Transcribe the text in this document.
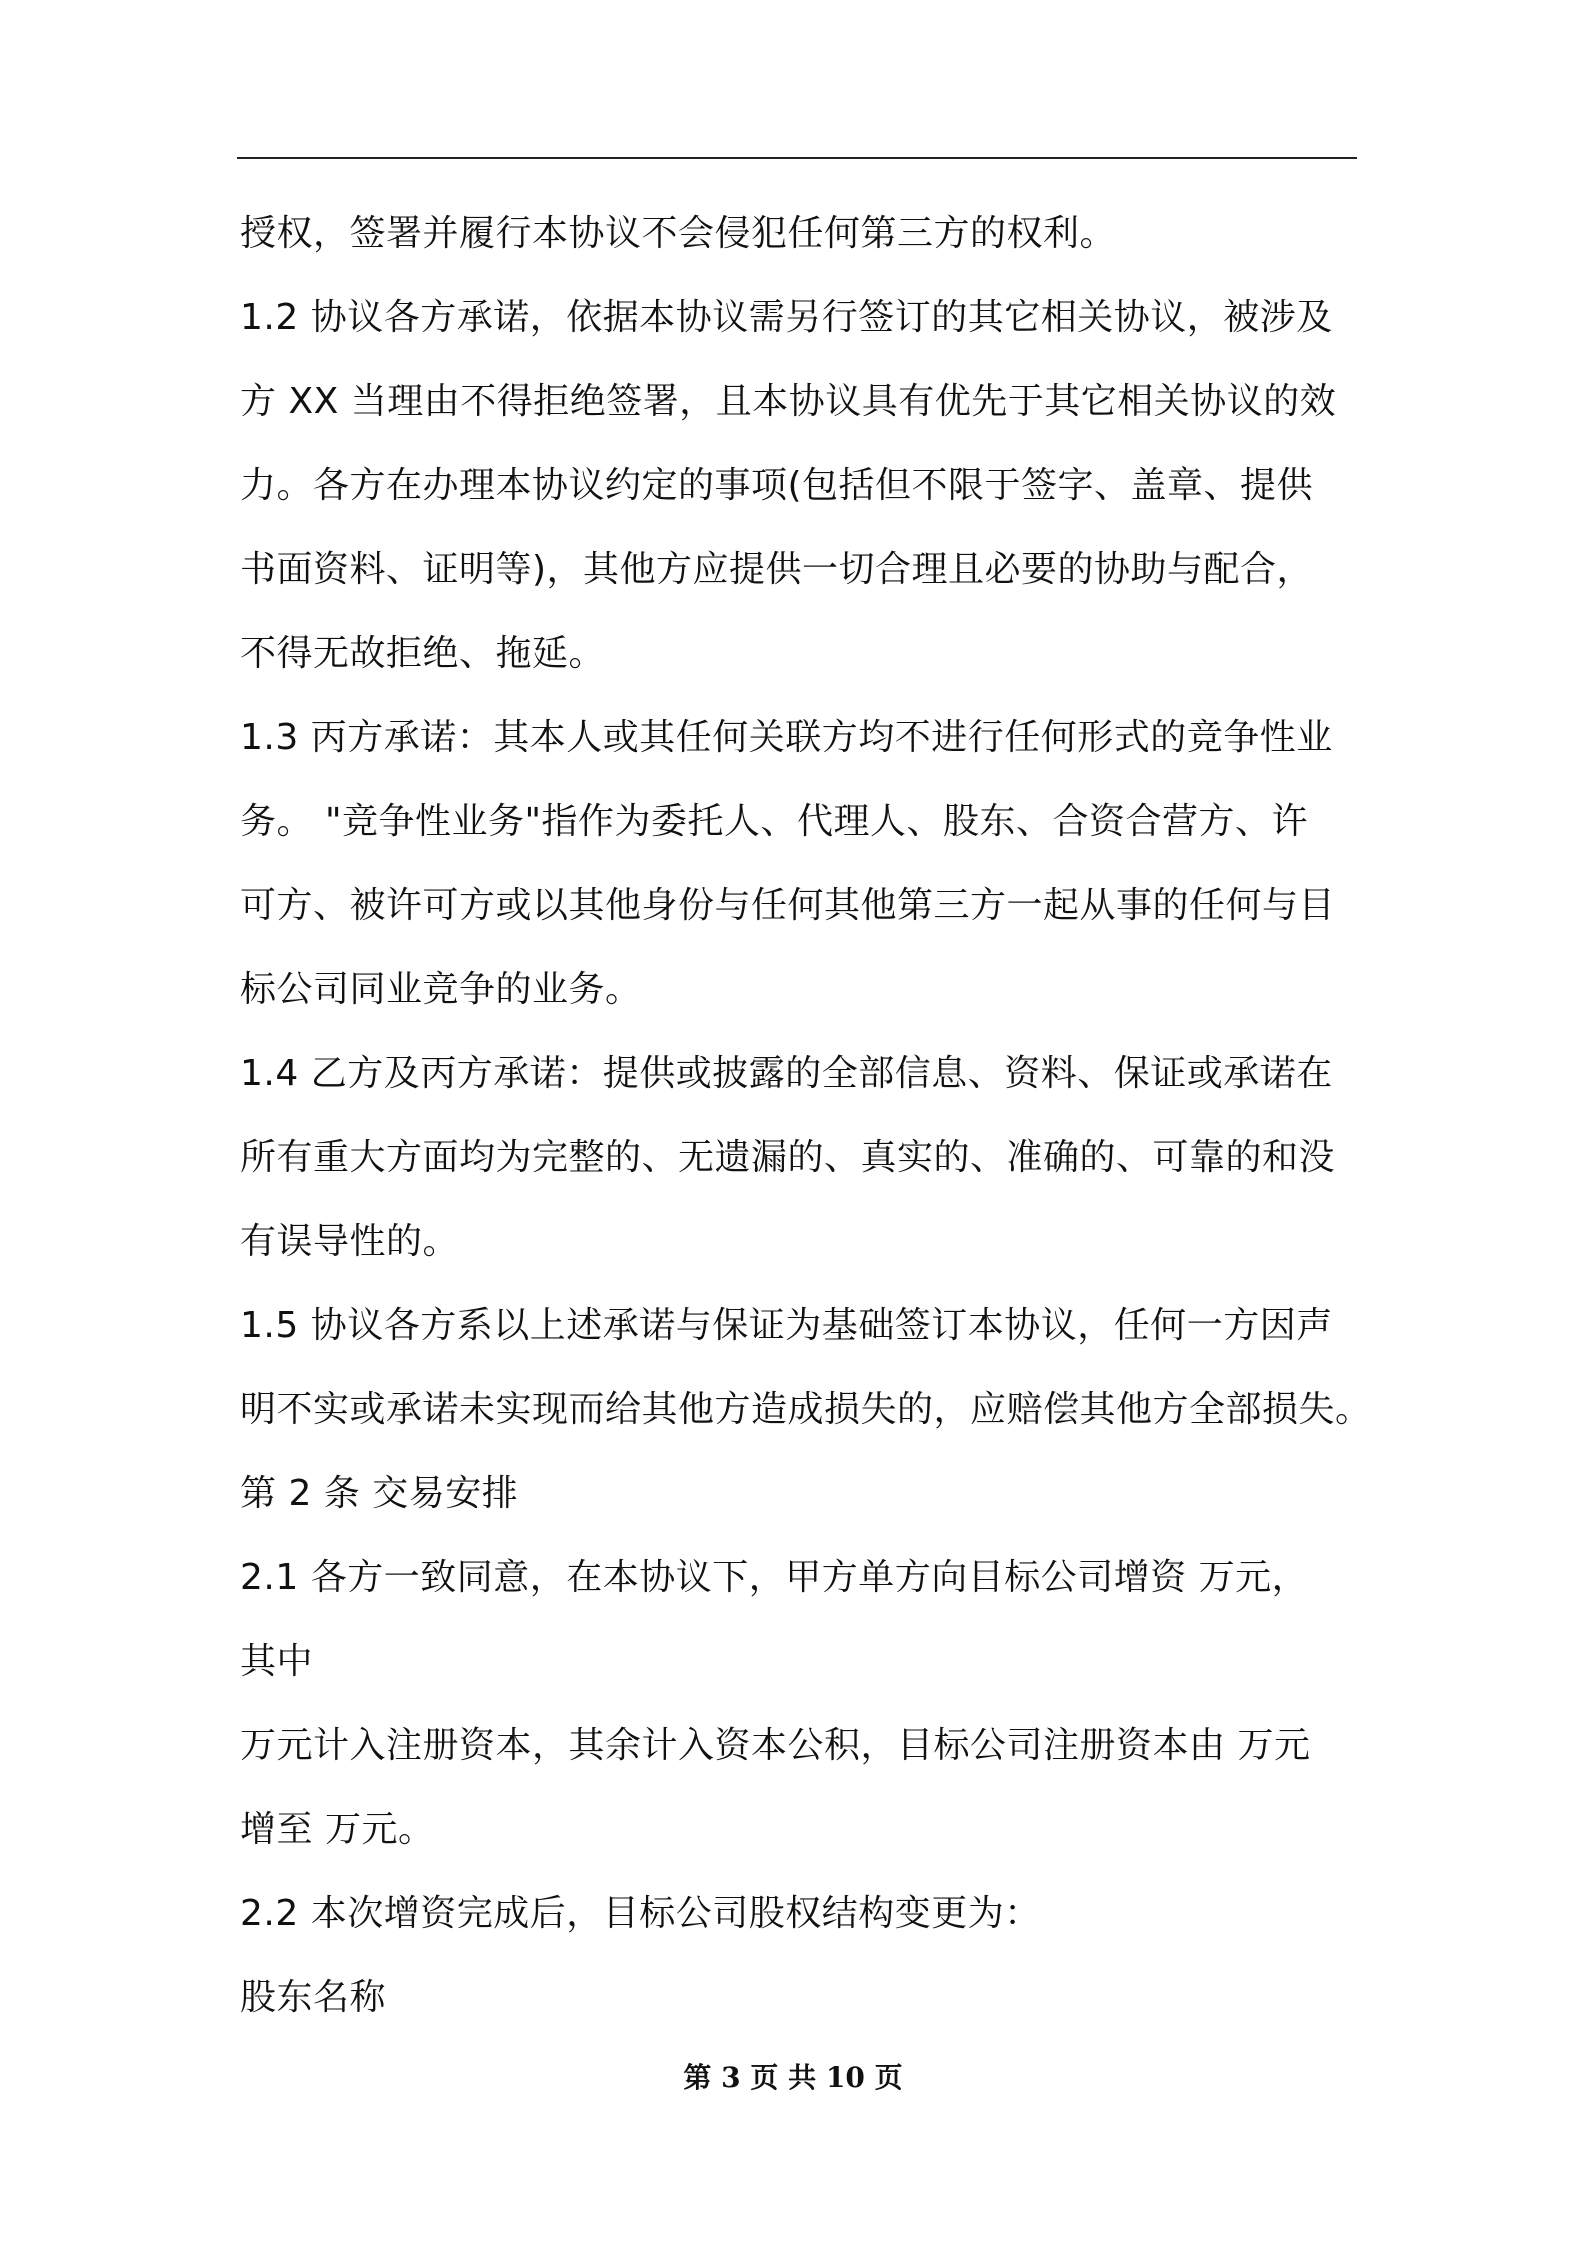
授权，签署并履行本协议不会侵犯任何第三方的权利。
1.2 协议各方承诺，依据本协议需另行签订的其它相关协议，被涉及
方 XX 当理由不得拒绝签署，且本协议具有优先于其它相关协议的效
力。各方在办理本协议约定的事项(包括但不限于签字、盖章、提供
书面资料、证明等)，其他方应提供一切合理且必要的协助与配合，
不得无故拒绝、拖延。
1.3 丙方承诺：其本人或其任何关联方均不进行任何形式的竞争性业
务。 "竞争性业务"指作为委托人、代理人、股东、合资合营方、许
可方、被许可方或以其他身份与任何其他第三方一起从事的任何与目
标公司同业竞争的业务。
1.4 乙方及丙方承诺：提供或披露的全部信息、资料、保证或承诺在
所有重大方面均为完整的、无遗漏的、真实的、准确的、可靠的和没
有误导性的。
1.5 协议各方系以上述承诺与保证为基础签订本协议，任何一方因声
明不实或承诺未实现而给其他方造成损失的，应赔偿其他方全部损失。
第 2 条 交易安排
2.1 各方一致同意，在本协议下，甲方单方向目标公司增资 万元，
其中
万元计入注册资本，其余计入资本公积，目标公司注册资本由 万元
增至 万元。
2.2 本次增资完成后，目标公司股权结构变更为：
股东名称
第 3 页 共 10 页
